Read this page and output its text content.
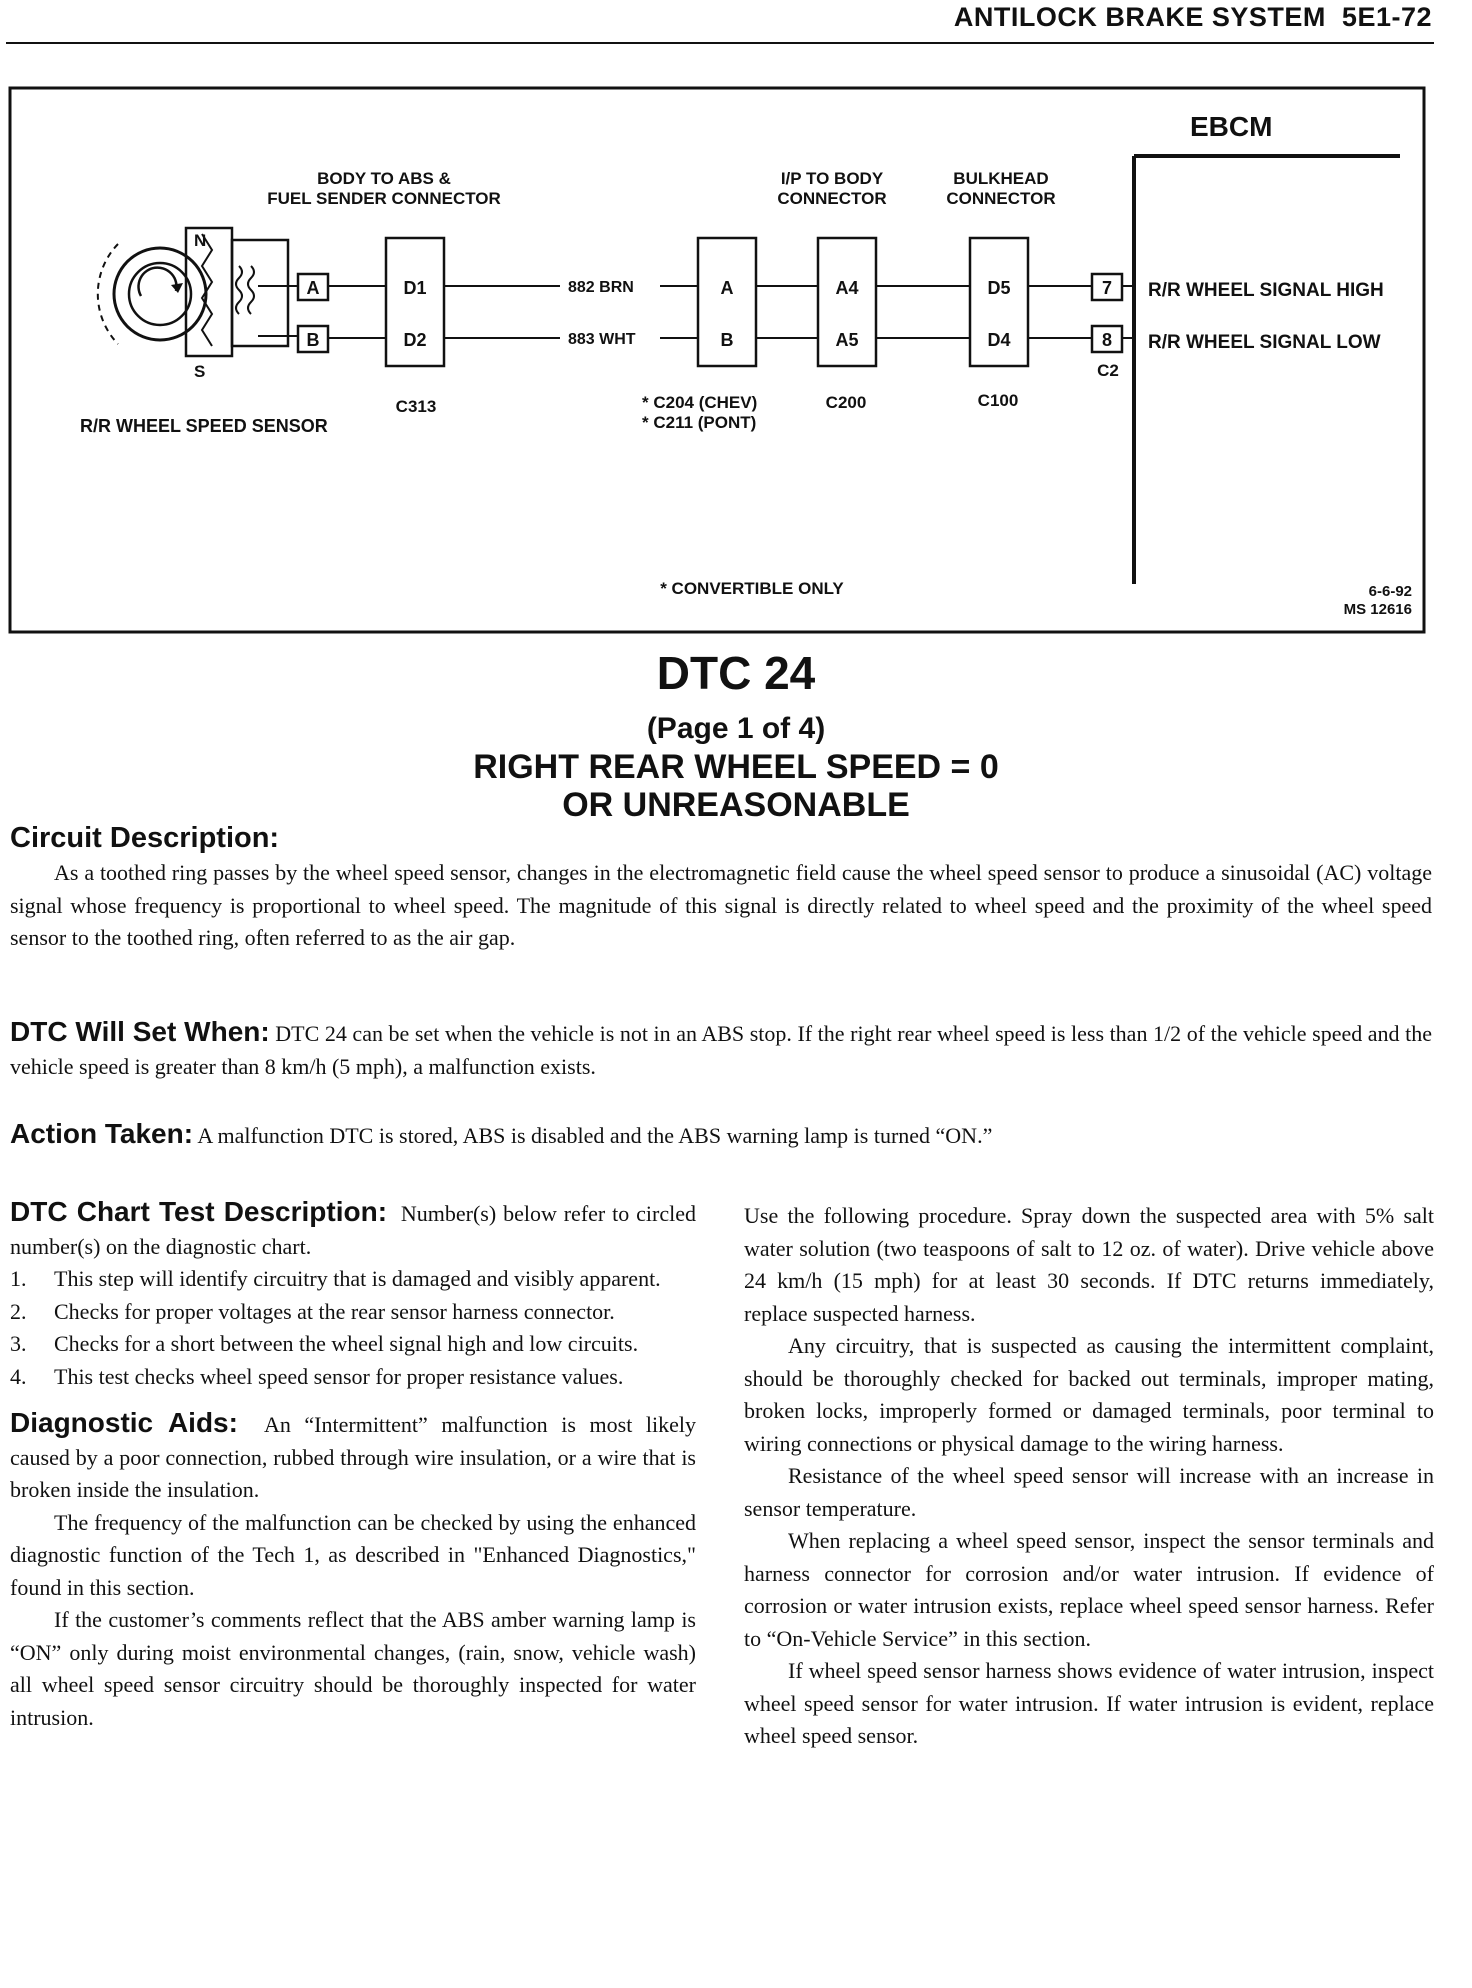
ANTILOCK BRAKE SYSTEM 5E1-72
EBCM
BODY TO ABS &
FUEL SENDER CONNECTOR
I/P TO BODY
CONNECTOR
BULKHEAD
CONNECTOR
N
S
A
B
D1
D2
C313
A
B
* C204 (CHEV)
* C211 (PONT)
A4
A5
C200
D5
D4
C100
7
8
C2
882 BRN
883 WHT
R/R WHEEL SIGNAL HIGH
R/R WHEEL SIGNAL LOW
R/R WHEEL SPEED SENSOR
* CONVERTIBLE ONLY	6-6-92
MS 12616
DTC 24
(Page 1 of 4)
RIGHT REAR WHEEL SPEED = 0
OR UNREASONABLE
Circuit Description:
As a toothed ring passes by the wheel speed sensor, changes in the electromagnetic field cause the wheel speed sensor to produce a sinusoidal (AC) voltage signal whose frequency is proportional to wheel speed. The magnitude of this signal is directly related to wheel speed and the proximity of the wheel speed sensor to the toothed ring, often referred to as the air gap.
DTC Will Set When: DTC 24 can be set when the vehicle is not in an ABS stop. If the right rear wheel speed is less than 1/2 of the vehicle speed and the vehicle speed is greater than 8 km/h (5 mph), a malfunction exists.
Action Taken: A malfunction DTC is stored, ABS is disabled and the ABS warning lamp is turned “ON.”
DTC Chart Test Description: Number(s) below refer to circled number(s) on the diagnostic chart.
1. This step will identify circuitry that is damaged and visibly apparent.
2. Checks for proper voltages at the rear sensor harness connector.
3. Checks for a short between the wheel signal high and low circuits.
4. This test checks wheel speed sensor for proper resistance values.
Diagnostic Aids: An “Intermittent” malfunction is most likely caused by a poor connection, rubbed through wire insulation, or a wire that is broken inside the insulation.
The frequency of the malfunction can be checked by using the enhanced diagnostic function of the Tech 1, as described in "Enhanced Diagnostics," found in this section.
If the customer’s comments reflect that the ABS amber warning lamp is “ON” only during moist environmental changes, (rain, snow, vehicle wash) all wheel speed sensor circuitry should be thoroughly inspected for water intrusion.
Use the following procedure. Spray down the suspected area with 5% salt water solution (two teaspoons of salt to 12 oz. of water). Drive vehicle above 24 km/h (15 mph) for at least 30 seconds. If DTC returns immediately, replace suspected harness.
Any circuitry, that is suspected as causing the intermittent complaint, should be thoroughly checked for backed out terminals, improper mating, broken locks, improperly formed or damaged terminals, poor terminal to wiring connections or physical damage to the wiring harness.
Resistance of the wheel speed sensor will increase with an increase in sensor temperature.
When replacing a wheel speed sensor, inspect the sensor terminals and harness connector for corrosion and/or water intrusion. If evidence of corrosion or water intrusion exists, replace wheel speed sensor harness. Refer to “On-Vehicle Service” in this section.
If wheel speed sensor harness shows evidence of water intrusion, inspect wheel speed sensor for water intrusion. If water intrusion is evident, replace wheel speed sensor.
